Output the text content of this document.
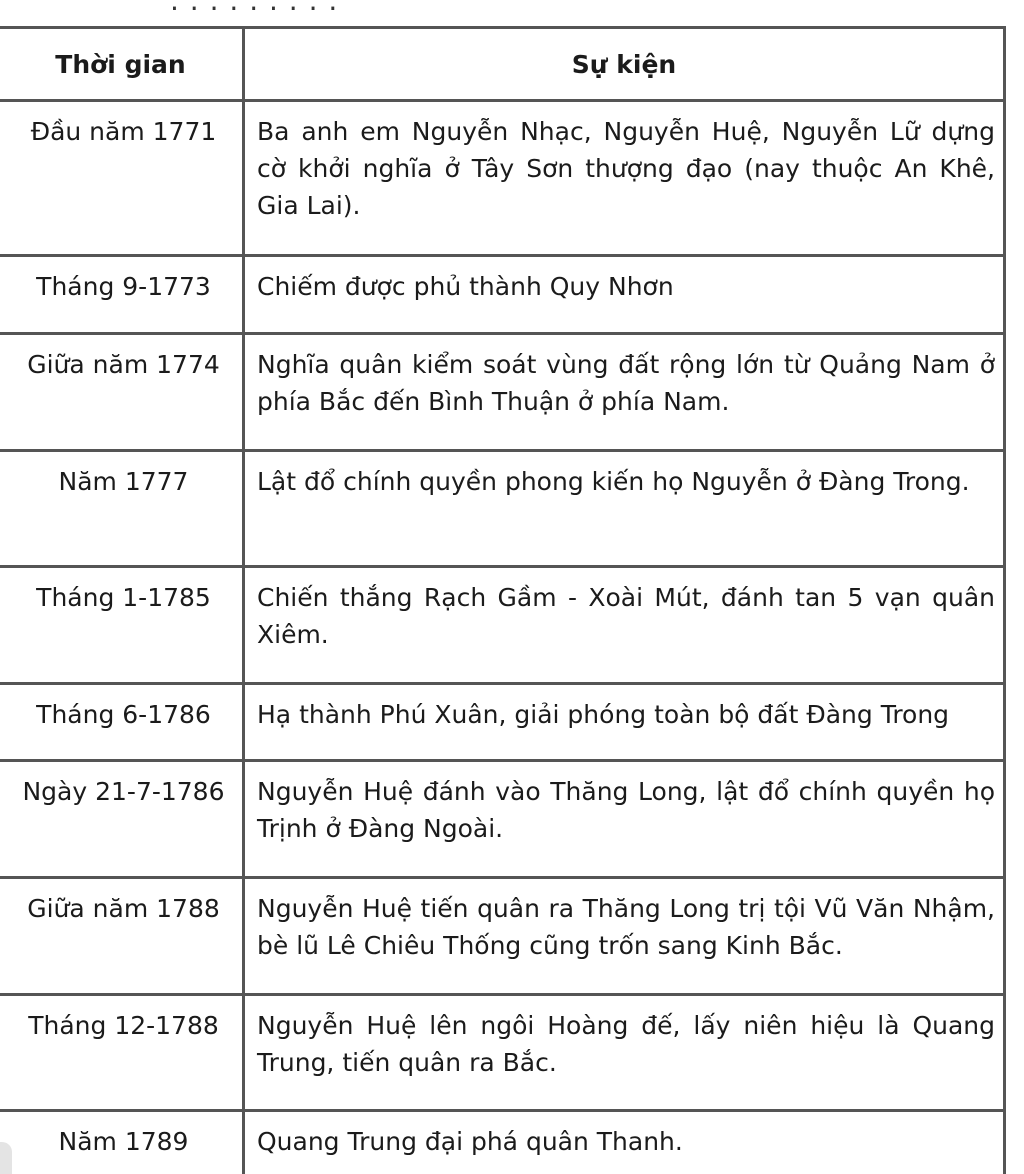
. . . . . . . . .
Thời gian	Sự kiện
Đầu năm 1771	Ba anh em Nguyễn Nhạc, Nguyễn Huệ, Nguyễn Lữ dựng cờ khởi nghĩa ở Tây Sơn thượng đạo (nay thuộc An Khê, Gia Lai).
Tháng 9-1773	Chiếm được phủ thành Quy Nhơn
Giữa năm 1774	Nghĩa quân kiểm soát vùng đất rộng lớn từ Quảng Nam ở phía Bắc đến Bình Thuận ở phía Nam.
Năm 1777	Lật đổ chính quyền phong kiến họ Nguyễn ở Đàng Trong.
Tháng 1-1785	Chiến thắng Rạch Gầm - Xoài Mút, đánh tan 5 vạn quân Xiêm.
Tháng 6-1786	Hạ thành Phú Xuân, giải phóng toàn bộ đất Đàng Trong
Ngày 21-7-1786	Nguyễn Huệ đánh vào Thăng Long, lật đổ chính quyền họ Trịnh ở Đàng Ngoài.
Giữa năm 1788	Nguyễn Huệ tiến quân ra Thăng Long trị tội Vũ Văn Nhậm, bè lũ Lê Chiêu Thống cũng trốn sang Kinh Bắc.
Tháng 12-1788	Nguyễn Huệ lên ngôi Hoàng đế, lấy niên hiệu là Quang Trung, tiến quân ra Bắc.
Năm 1789	Quang Trung đại phá quân Thanh.
